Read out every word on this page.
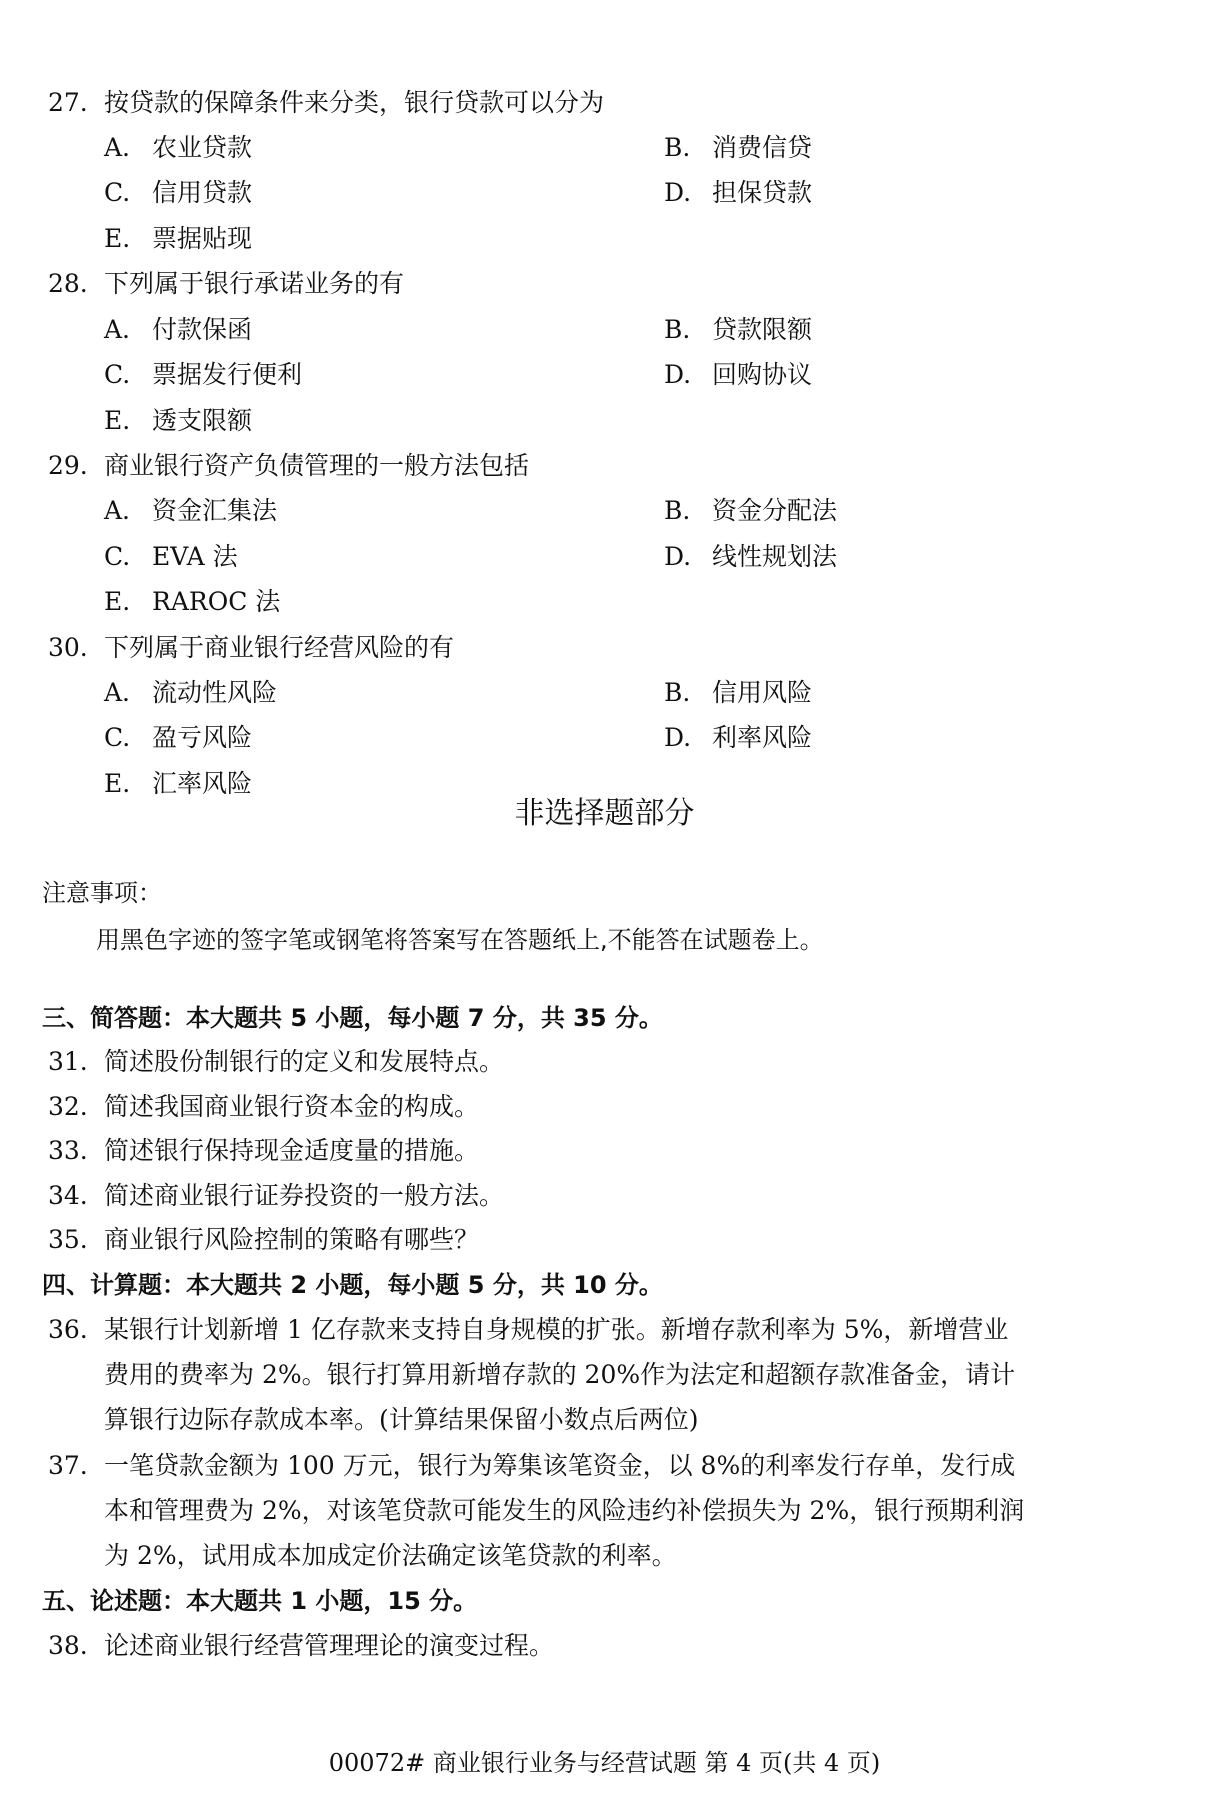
27. 按贷款的保障条件来分类，银行贷款可以分为
A. 农业贷款	B. 消费信贷
C. 信用贷款	D. 担保贷款
E. 票据贴现
28. 下列属于银行承诺业务的有
A. 付款保函	B. 贷款限额
C. 票据发行便利	D. 回购协议
E. 透支限额
29. 商业银行资产负债管理的一般方法包括
A. 资金汇集法	B. 资金分配法
C. EVA 法	D. 线性规划法
E. RAROC 法
30. 下列属于商业银行经营风险的有
A. 流动性风险	B. 信用风险
C. 盈亏风险	D. 利率风险
E. 汇率风险
非选择题部分
注意事项：
用黑色字迹的签字笔或钢笔将答案写在答题纸上,不能答在试题卷上。
三、简答题：本大题共 5 小题，每小题 7 分，共 35 分。
31. 简述股份制银行的定义和发展特点。
32. 简述我国商业银行资本金的构成。
33. 简述银行保持现金适度量的措施。
34. 简述商业银行证券投资的一般方法。
35. 商业银行风险控制的策略有哪些？
四、计算题：本大题共 2 小题，每小题 5 分，共 10 分。
36. 某银行计划新增 1 亿存款来支持自身规模的扩张。新增存款利率为 5%，新增营业
费用的费率为 2%。银行打算用新增存款的 20%作为法定和超额存款准备金，请计
算银行边际存款成本率。(计算结果保留小数点后两位)
37. 一笔贷款金额为 100 万元，银行为筹集该笔资金，以 8%的利率发行存单，发行成
本和管理费为 2%，对该笔贷款可能发生的风险违约补偿损失为 2%，银行预期利润
为 2%，试用成本加成定价法确定该笔贷款的利率。
五、论述题：本大题共 1 小题，15 分。
38. 论述商业银行经营管理理论的演变过程。
00072# 商业银行业务与经营试题 第 4 页(共 4 页)
